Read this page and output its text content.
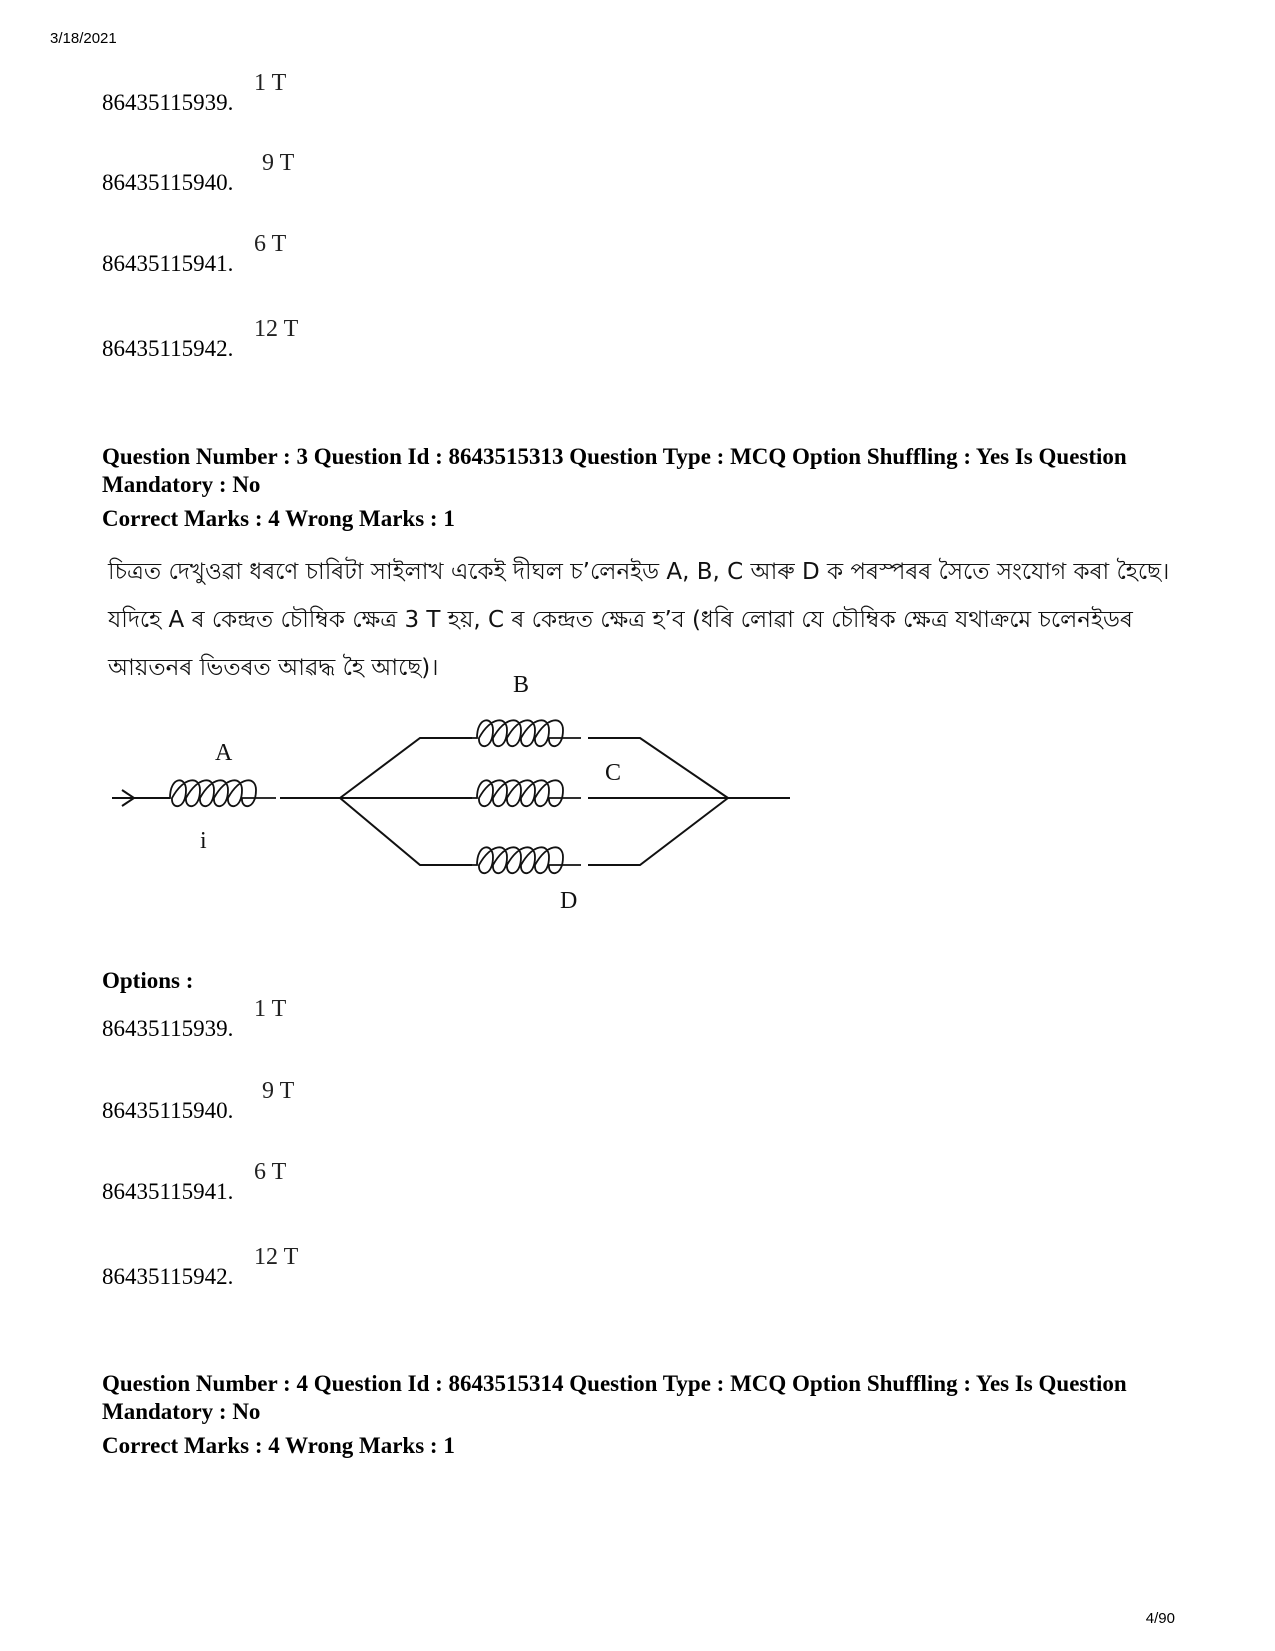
3/18/2021
86435115939.
1 T
86435115940.
9 T
86435115941.
6 T
86435115942.
12 T
Question Number : 3 Question Id : 8643515313 Question Type : MCQ Option Shuffling : Yes Is Question Mandatory : No
Correct Marks : 4 Wrong Marks : 1
চিত্ৰত দেখুওৱা ধৰণে চাৰিটা সাইলাখ একেই দীঘল চ’লেনইড A, B, C আৰু D ক পৰস্পৰৰ সৈতে সংযোগ কৰা হৈছে। যদিহে A ৰ কেন্দ্ৰত চৌম্বিক ক্ষেত্ৰ 3 T হয়, C ৰ কেন্দ্ৰত ক্ষেত্ৰ হ’ব (ধৰি লোৱা যে চৌম্বিক ক্ষেত্ৰ যথাক্ৰমে চলেনইডৰ আয়তনৰ ভিতৰত আৱদ্ধ হৈ আছে)।
A
B
C
D
i
Options :
86435115939.
1 T
86435115940.
9 T
86435115941.
6 T
86435115942.
12 T
Question Number : 4 Question Id : 8643515314 Question Type : MCQ Option Shuffling : Yes Is Question Mandatory : No
Correct Marks : 4 Wrong Marks : 1
4/90
